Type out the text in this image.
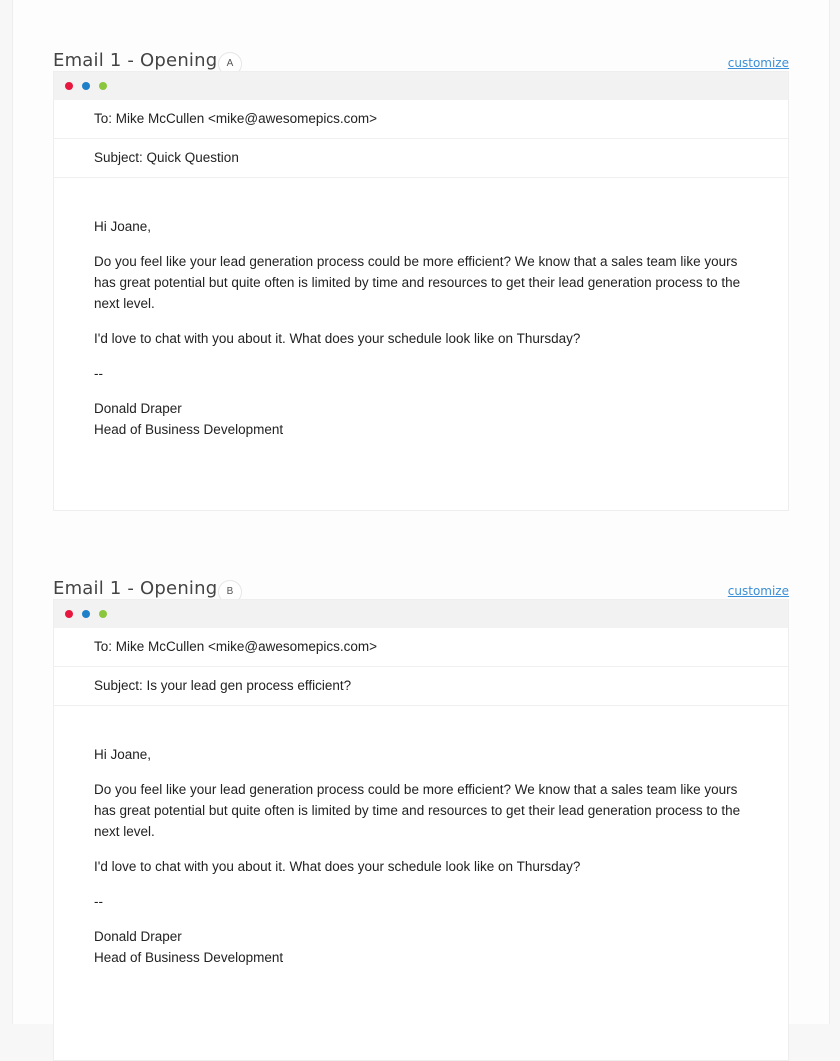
Email 1 - Opening A	customize
To: Mike McCullen <mike@awesomepics.com>
Subject: Quick Question

Hi Joane,

Do you feel like your lead generation process could be more efficient? We know that a sales team like yours has great potential but quite often is limited by time and resources to get their lead generation process to the next level.

I'd love to chat with you about it. What does your schedule look like on Thursday?

--

Donald Draper
Head of Business Development
Email 1 - Opening B	customize
To: Mike McCullen <mike@awesomepics.com>
Subject: Is your lead gen process efficient?

Hi Joane,

Do you feel like your lead generation process could be more efficient? We know that a sales team like yours has great potential but quite often is limited by time and resources to get their lead generation process to the next level.

I'd love to chat with you about it. What does your schedule look like on Thursday?

--

Donald Draper
Head of Business Development
